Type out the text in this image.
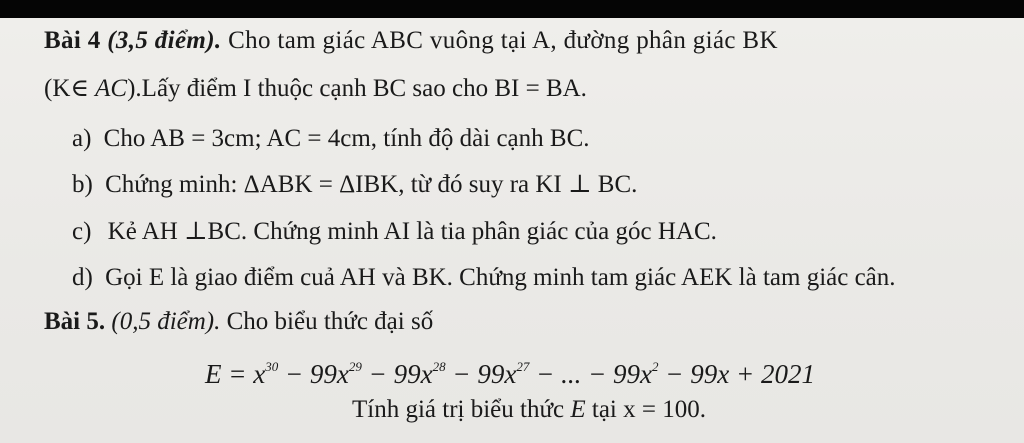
Bài 4 (3,5 điểm). Cho tam giác ABC vuông tại A, đường phân giác BK
(K∈ AC).Lấy điểm I thuộc cạnh BC sao cho BI = BA.
a) Cho AB = 3cm; AC = 4cm, tính độ dài cạnh BC.
b) Chứng minh: ΔABK = ΔIBK, từ đó suy ra KI ⊥ BC.
c) Kẻ AH ⊥BC. Chứng minh AI là tia phân giác của góc HAC.
d) Gọi E là giao điểm cuả AH và BK. Chứng minh tam giác AEK là tam giác cân.
Bài 5. (0,5 điểm). Cho biểu thức đại số
$E = x^{30} - 99x^{29} - 99x^{28} - 99x^{27}$ − ... − $99x^2 - 99x + 2021$
Tính giá trị biểu thức E tại x = 100.
